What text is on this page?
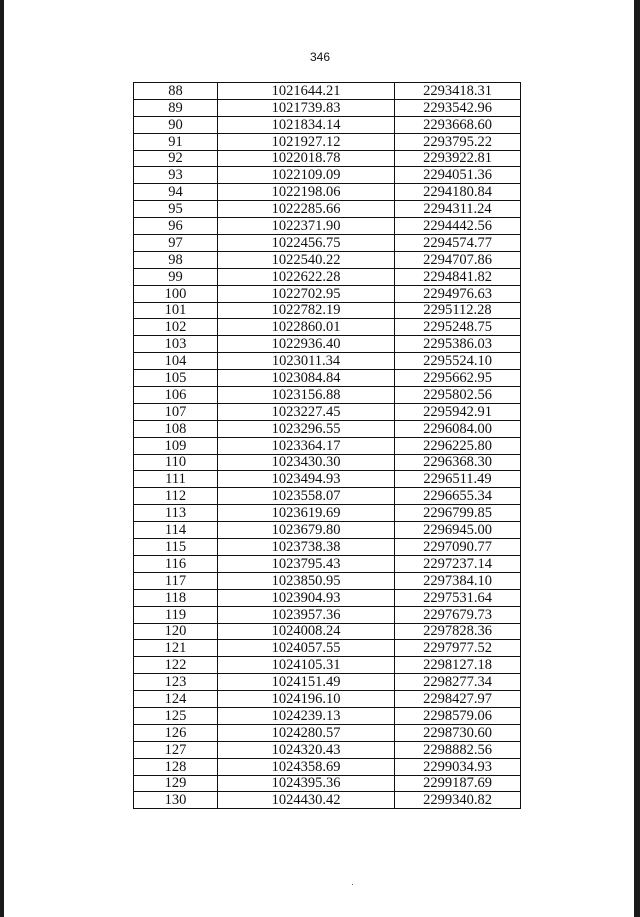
346
88	1021644.21	2293418.31
89	1021739.83	2293542.96
90	1021834.14	2293668.60
91	1021927.12	2293795.22
92	1022018.78	2293922.81
93	1022109.09	2294051.36
94	1022198.06	2294180.84
95	1022285.66	2294311.24
96	1022371.90	2294442.56
97	1022456.75	2294574.77
98	1022540.22	2294707.86
99	1022622.28	2294841.82
100	1022702.95	2294976.63
101	1022782.19	2295112.28
102	1022860.01	2295248.75
103	1022936.40	2295386.03
104	1023011.34	2295524.10
105	1023084.84	2295662.95
106	1023156.88	2295802.56
107	1023227.45	2295942.91
108	1023296.55	2296084.00
109	1023364.17	2296225.80
110	1023430.30	2296368.30
111	1023494.93	2296511.49
112	1023558.07	2296655.34
113	1023619.69	2296799.85
114	1023679.80	2296945.00
115	1023738.38	2297090.77
116	1023795.43	2297237.14
117	1023850.95	2297384.10
118	1023904.93	2297531.64
119	1023957.36	2297679.73
120	1024008.24	2297828.36
121	1024057.55	2297977.52
122	1024105.31	2298127.18
123	1024151.49	2298277.34
124	1024196.10	2298427.97
125	1024239.13	2298579.06
126	1024280.57	2298730.60
127	1024320.43	2298882.56
128	1024358.69	2299034.93
129	1024395.36	2299187.69
130	1024430.42	2299340.82
